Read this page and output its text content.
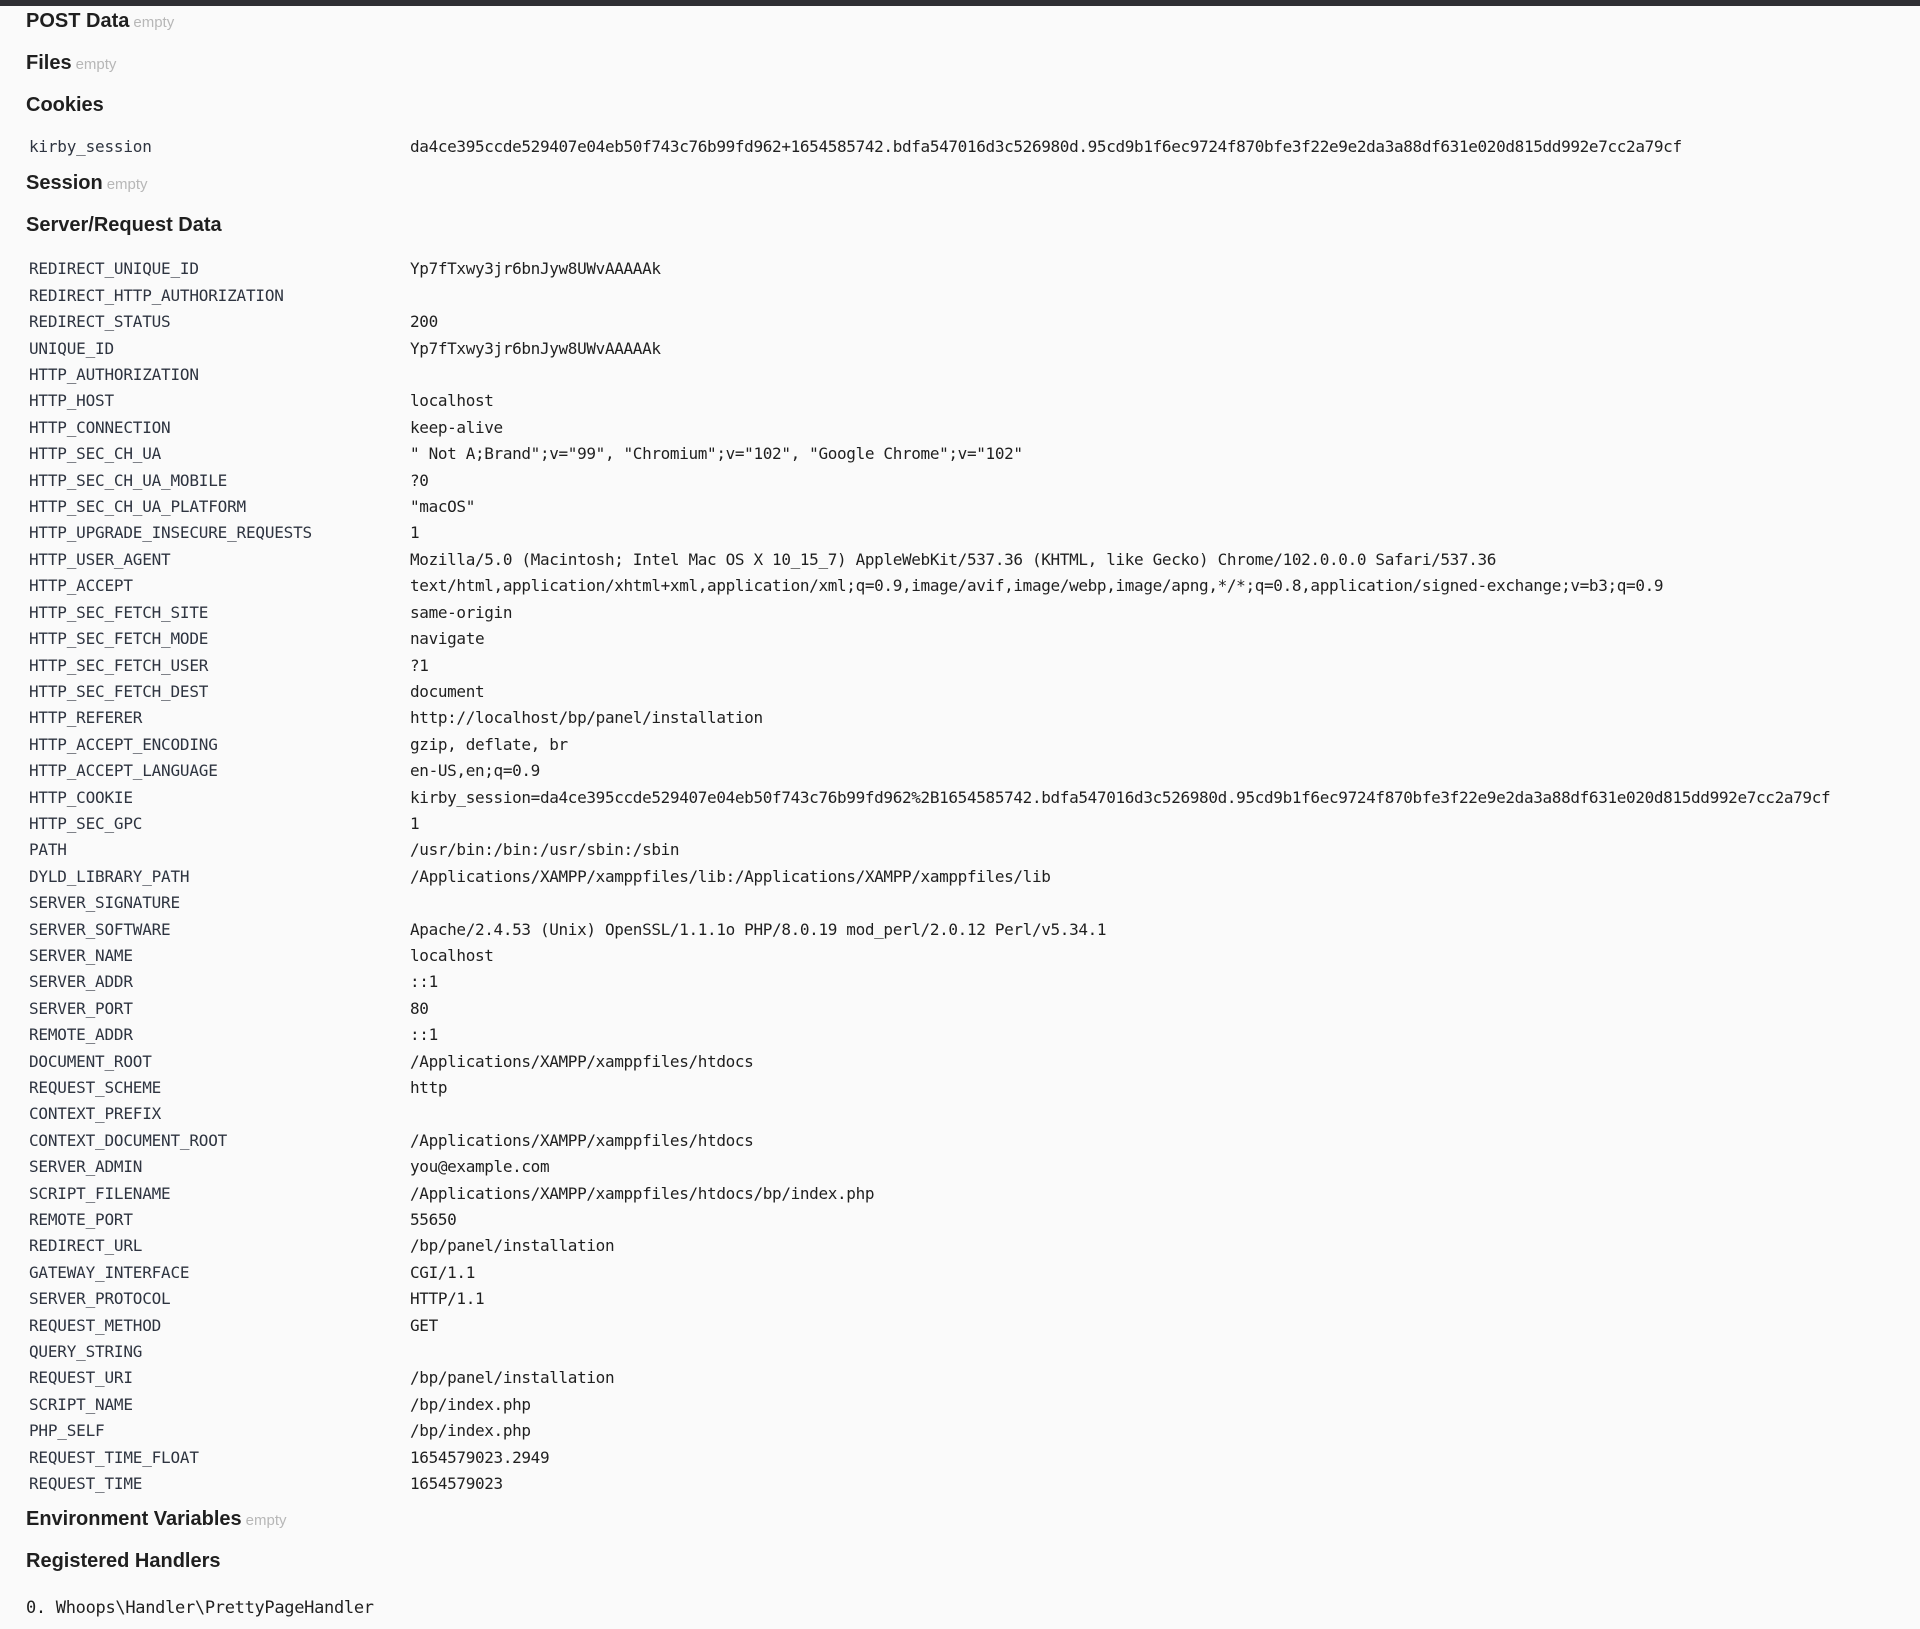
POST Data empty
Files empty
Cookies
kirby_session	da4ce395ccde529407e04eb50f743c76b99fd962+1654585742.bdfa547016d3c526980d.95cd9b1f6ec9724f870bfe3f22e9e2da3a88df631e020d815dd992e7cc2a79cf
Session empty
Server/Request Data
REDIRECT_UNIQUE_ID	Yp7fTxwy3jr6bnJyw8UWvAAAAAk
REDIRECT_HTTP_AUTHORIZATION	
REDIRECT_STATUS	200
UNIQUE_ID	Yp7fTxwy3jr6bnJyw8UWvAAAAAk
HTTP_AUTHORIZATION	
HTTP_HOST	localhost
HTTP_CONNECTION	keep-alive
HTTP_SEC_CH_UA	" Not A;Brand";v="99", "Chromium";v="102", "Google Chrome";v="102"
HTTP_SEC_CH_UA_MOBILE	?0
HTTP_SEC_CH_UA_PLATFORM	"macOS"
HTTP_UPGRADE_INSECURE_REQUESTS	1
HTTP_USER_AGENT	Mozilla/5.0 (Macintosh; Intel Mac OS X 10_15_7) AppleWebKit/537.36 (KHTML, like Gecko) Chrome/102.0.0.0 Safari/537.36
HTTP_ACCEPT	text/html,application/xhtml+xml,application/xml;q=0.9,image/avif,image/webp,image/apng,*/*;q=0.8,application/signed-exchange;v=b3;q=0.9
HTTP_SEC_FETCH_SITE	same-origin
HTTP_SEC_FETCH_MODE	navigate
HTTP_SEC_FETCH_USER	?1
HTTP_SEC_FETCH_DEST	document
HTTP_REFERER	http://localhost/bp/panel/installation
HTTP_ACCEPT_ENCODING	gzip, deflate, br
HTTP_ACCEPT_LANGUAGE	en-US,en;q=0.9
HTTP_COOKIE	kirby_session=da4ce395ccde529407e04eb50f743c76b99fd962%2B1654585742.bdfa547016d3c526980d.95cd9b1f6ec9724f870bfe3f22e9e2da3a88df631e020d815dd992e7cc2a79cf
HTTP_SEC_GPC	1
PATH	/usr/bin:/bin:/usr/sbin:/sbin
DYLD_LIBRARY_PATH	/Applications/XAMPP/xamppfiles/lib:/Applications/XAMPP/xamppfiles/lib
SERVER_SIGNATURE	
SERVER_SOFTWARE	Apache/2.4.53 (Unix) OpenSSL/1.1.1o PHP/8.0.19 mod_perl/2.0.12 Perl/v5.34.1
SERVER_NAME	localhost
SERVER_ADDR	::1
SERVER_PORT	80
REMOTE_ADDR	::1
DOCUMENT_ROOT	/Applications/XAMPP/xamppfiles/htdocs
REQUEST_SCHEME	http
CONTEXT_PREFIX	
CONTEXT_DOCUMENT_ROOT	/Applications/XAMPP/xamppfiles/htdocs
SERVER_ADMIN	you@example.com
SCRIPT_FILENAME	/Applications/XAMPP/xamppfiles/htdocs/bp/index.php
REMOTE_PORT	55650
REDIRECT_URL	/bp/panel/installation
GATEWAY_INTERFACE	CGI/1.1
SERVER_PROTOCOL	HTTP/1.1
REQUEST_METHOD	GET
QUERY_STRING	
REQUEST_URI	/bp/panel/installation
SCRIPT_NAME	/bp/index.php
PHP_SELF	/bp/index.php
REQUEST_TIME_FLOAT	1654579023.2949
REQUEST_TIME	1654579023
Environment Variables empty
Registered Handlers
0. Whoops\Handler\PrettyPageHandler
